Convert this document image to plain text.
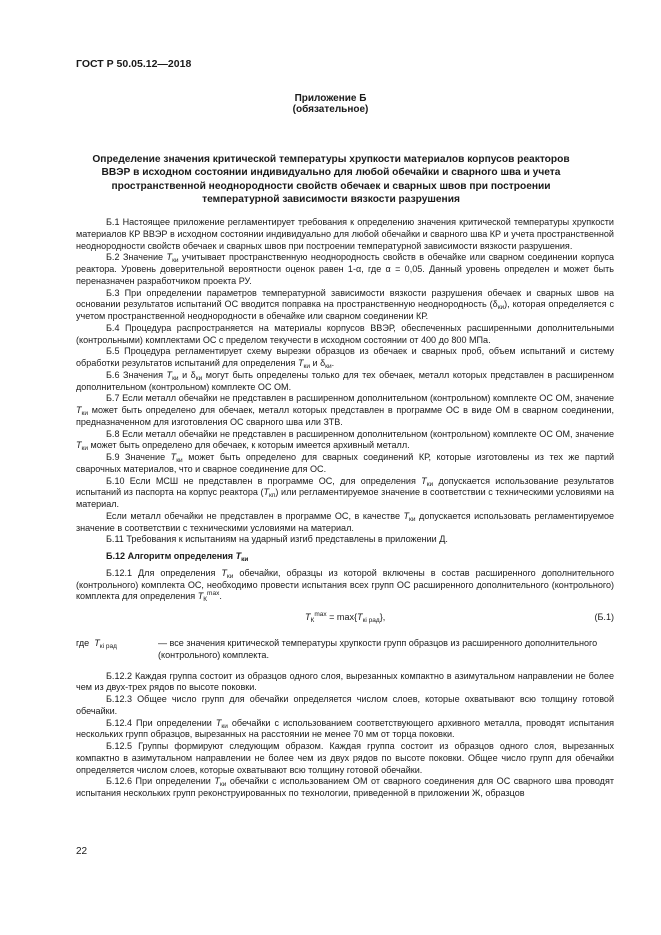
ГОСТ Р 50.05.12—2018
Приложение Б
(обязательное)
Определение значения критической температуры хрупкости материалов корпусов реакторов ВВЭР в исходном состоянии индивидуально для любой обечайки и сварного шва и учета пространственной неоднородности свойств обечаек и сварных швов при построении температурной зависимости вязкости разрушения

Б.1 Настоящее приложение регламентирует требования к определению значения критической температуры хрупкости материалов КР ВВЭР в исходном состоянии индивидуально для любой обечайки и сварного шва КР и учета пространственной неоднородности свойств обечаек и сварных швов при построении температурной зависимости вязкости разрушения.

Б.2 Значение $T_{ки}$ учитывает пространственную неоднородность свойств в обечайке или сварном соединении корпуса реактора. Уровень доверительной вероятности оценок равен 1-α, где α = 0,05. Данный уровень определен и может быть переназначен разработчиком проекта РУ.

Б.3 При определении параметров температурной зависимости вязкости разрушения обечаек и сварных швов на основании результатов испытаний ОС вводится поправка на пространственную неоднородность $(\delta_{ки})$, которая определяется с учетом пространственной неоднородности в обечайке или сварном соединении КР.

Б.4 Процедура распространяется на материалы корпусов ВВЭР, обеспеченных расширенными дополнительными (контрольными) комплектами ОС с пределом текучести в исходном состоянии от 400 до 800 МПа.

Б.5 Процедура регламентирует схему вырезки образцов из обечаек и сварных проб, объем испытаний и систему обработки результатов испытаний для определения $T_{ки}$ и $\delta_{ки}$.

Б.6 Значения $T_{ки}$ и $\delta_{ки}$ могут быть определены только для тех обечаек, металл которых представлен в расширенном дополнительном (контрольном) комплекте ОС ОМ.

Б.7 Если металл обечайки не представлен в расширенном дополнительном (контрольном) комплекте ОС ОМ, значение $T_{ки}$ может быть определено для обечаек, металл которых представлен в программе ОС в виде ОМ в сварном соединении, предназначенном для изготовления ОС сварного шва или ЗТВ.

Б.8 Если металл обечайки не представлен в расширенном дополнительном (контрольном) комплекте ОС ОМ, значение $T_{ки}$ может быть определено для обечаек, к которым имеется архивный металл.

Б.9 Значение $T_{ки}$ может быть определено для сварных соединений КР, которые изготовлены из тех же партий сварочных материалов, что и сварное соединение для ОС.

Б.10 Если МСШ не представлен в программе ОС, для определения $T_{ки}$ допускается использование результатов испытаний из паспорта на корпус реактора $(T_{кп})$ или регламентируемое значение в соответствии с техническими условиями на материал.

Если металл обечайки не представлен в программе ОС, в качестве $T_{ки}$ допускается использовать регламентируемое значение в соответствии с техническими условиями на материал.

Б.11 Требования к испытаниям на ударный изгиб представлены в приложении Д.

Б.12 Алгоритм определения $T_{ки}$

Б.12.1 Для определения $T_{ки}$ обечайки, образцы из которой включены в состав расширенного дополнительного (контрольного) комплекта ОС, необходимо провести испытания всех групп ОС расширенного дополнительного (контрольного) комплекта для определения $T_К^{max}$.

$T_К^{max} = \max\{T_{кi рад}\}$,	(Б.1)
где $T_{кi рад}$	— все значения критической температуры хрупкости групп образцов из расширенного дополнительного (контрольного) комплекта.

Б.12.2 Каждая группа состоит из образцов одного слоя, вырезанных компактно в азимутальном направлении не более чем из двух-трех рядов по высоте поковки.

Б.12.3 Общее число групп для обечайки определяется числом слоев, которые охватывают всю толщину готовой обечайки.

Б.12.4 При определении $T_{ки}$ обечайки с использованием соответствующего архивного металла, проводят испытания нескольких групп образцов, вырезанных на расстоянии не менее 70 мм от торца поковки.

Б.12.5 Группы формируют следующим образом. Каждая группа состоит из образцов одного слоя, вырезанных компактно в азимутальном направлении не более чем из двух рядов по высоте поковки. Общее число групп для обечайки определяется числом слоев, которые охватывают всю толщину готовой обечайки.

Б.12.6 При определении $T_{ки}$ обечайки с использованием ОМ от сварного соединения для ОС сварного шва проводят испытания нескольких групп реконструированных по технологии, приведенной в приложении Ж, образцов

22
